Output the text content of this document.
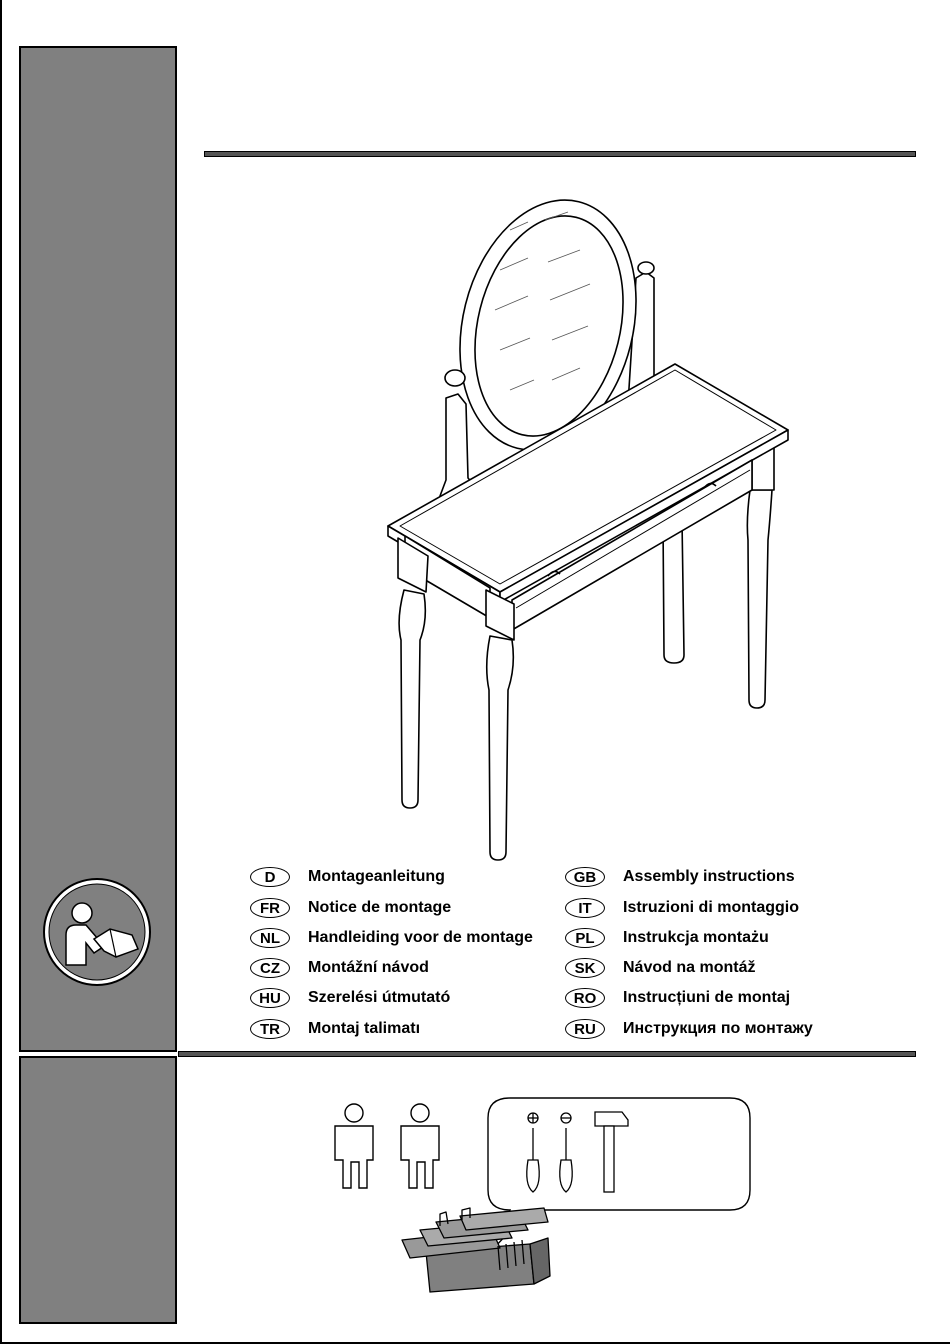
D	Montageanleitung	GB	Assembly instructions
FR	Notice de montage	IT	Istruzioni di montaggio
NL	Handleiding voor de montage	PL	Instrukcja montażu
CZ	Montážní návod	SK	Návod na montáž
HU	Szerelési útmutató	RO	Instrucțiuni de montaj
TR	Montaj talimatı	RU	Инструкция по монтажу
